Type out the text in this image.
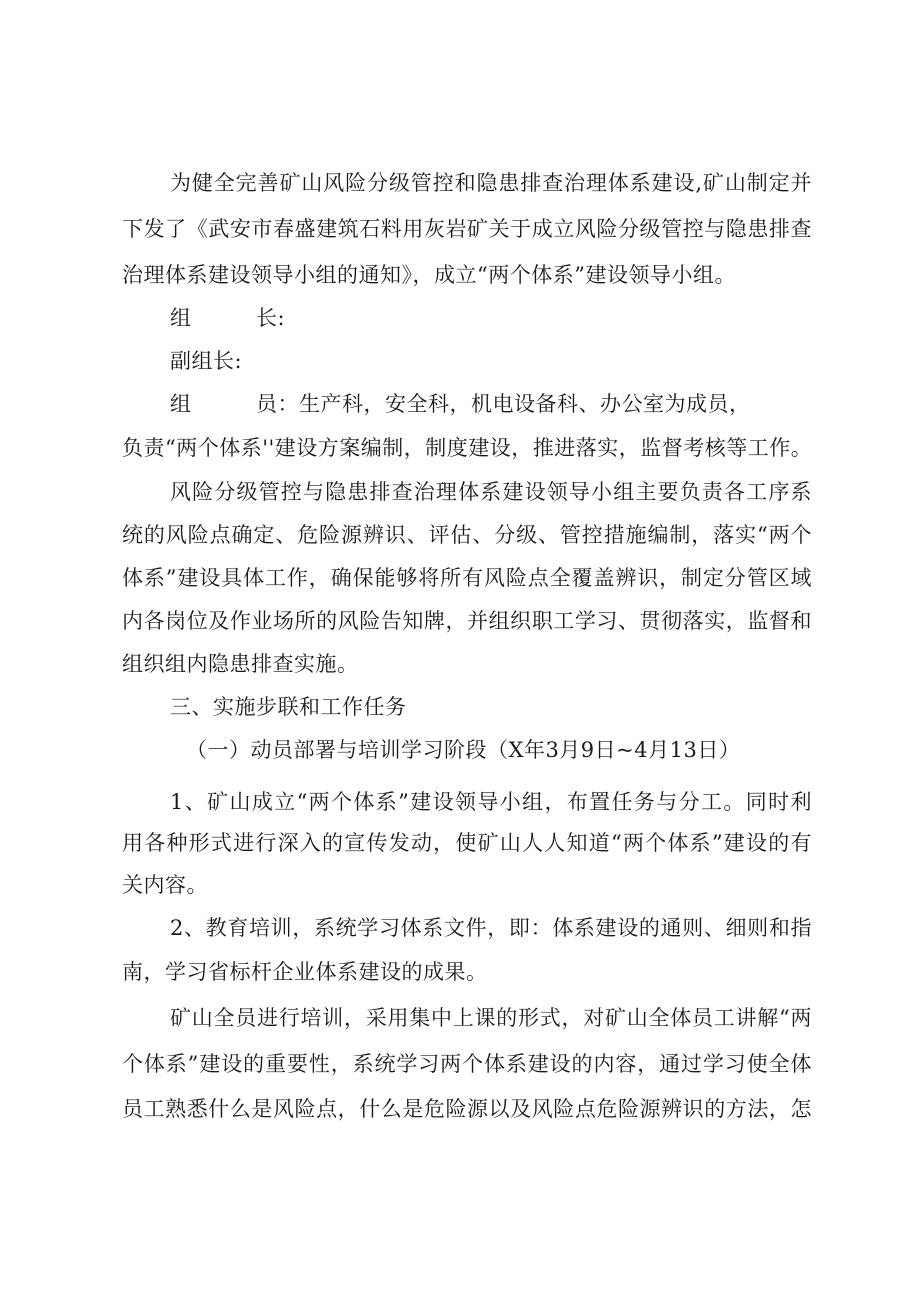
为健全完善矿山风险分级管控和隐患排查治理体系建设,矿山制定并
下发了《武安市春盛建筑石料用灰岩矿关于成立风险分级管控与隐患排查
治理体系建设领导小组的通知》，成立“两个体系”建设领导小组。
组　　　长:
副组长:
组　　　员：生产科，安全科，机电设备科、办公室为成员，
负责“两个体系''建设方案编制，制度建设，推进落实，监督考核等工作。
风险分级管控与隐患排查治理体系建设领导小组主要负责各工序系
统的风险点确定、危险源辨识、评估、分级、管控措施编制，落实“两个
体系”建设具体工作，确保能够将所有风险点全覆盖辨识，制定分管区域
内各岗位及作业场所的风险告知牌，并组织职工学习、贯彻落实，监督和
组织组内隐患排查实施。
三、实施步联和工作任务
（一）动员部署与培训学习阶段（X年3月9日~4月13日）
1、矿山成立“两个体系”建设领导小组，布置任务与分工。同时利
用各种形式进行深入的宣传发动，使矿山人人知道“两个体系”建设的有
关内容。
2、教育培训，系统学习体系文件，即：体系建设的通则、细则和指
南，学习省标杆企业体系建设的成果。
矿山全员进行培训，采用集中上课的形式，对矿山全体员工讲解“两
个体系”建设的重要性，系统学习两个体系建设的内容，通过学习使全体
员工熟悉什么是风险点，什么是危险源以及风险点危险源辨识的方法，怎
